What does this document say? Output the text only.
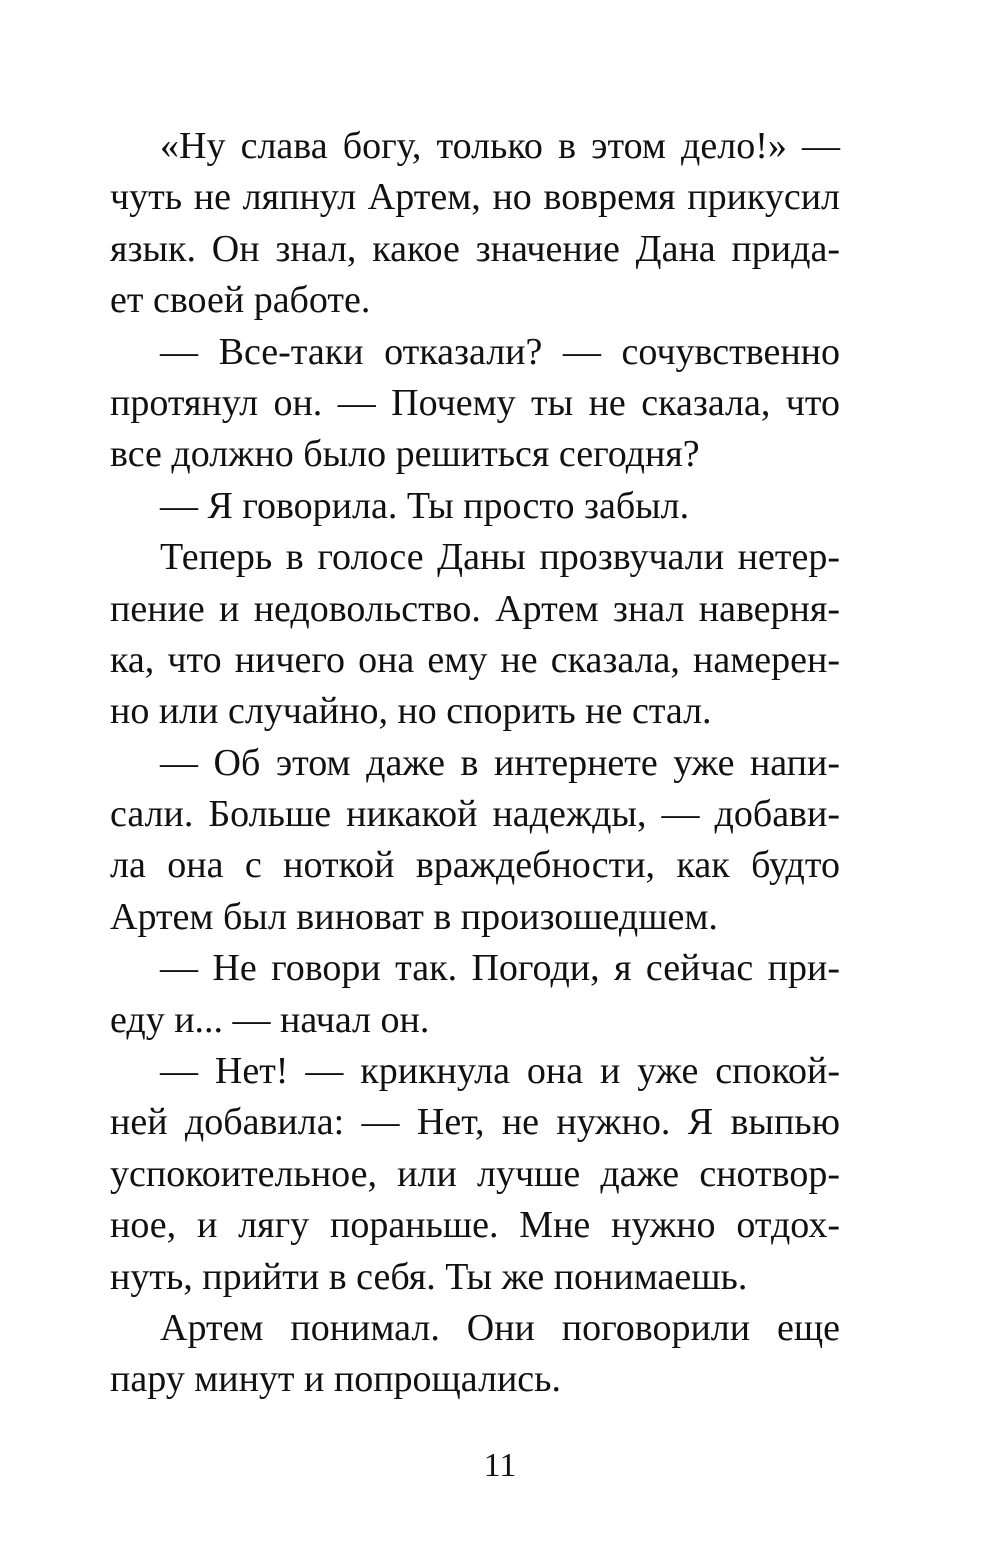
«Ну слава богу, только в этом дело!» —
чуть не ляпнул Артем, но вовремя прикусил
язык. Он знал, какое значение Дана прида-
ет своей работе.
— Все-таки отказали? — сочувственно
протянул он. — Почему ты не сказала, что
все должно было решиться сегодня?
— Я говорила. Ты просто забыл.
Теперь в голосе Даны прозвучали нетер-
пение и недовольство. Артем знал наверня-
ка, что ничего она ему не сказала, намерен-
но или случайно, но спорить не стал.
— Об этом даже в интернете уже напи-
сали. Больше никакой надежды, — добави-
ла она с ноткой враждебности, как будто
Артем был виноват в произошедшем.
— Не говори так. Погоди, я сейчас при-
еду и... — начал он.
— Нет! — крикнула она и уже спокой-
ней добавила: — Нет, не нужно. Я выпью
успокоительное, или лучше даже снотвор-
ное, и лягу пораньше. Мне нужно отдох-
нуть, прийти в себя. Ты же понимаешь.
Артем понимал. Они поговорили еще
пару минут и попрощались.
11
